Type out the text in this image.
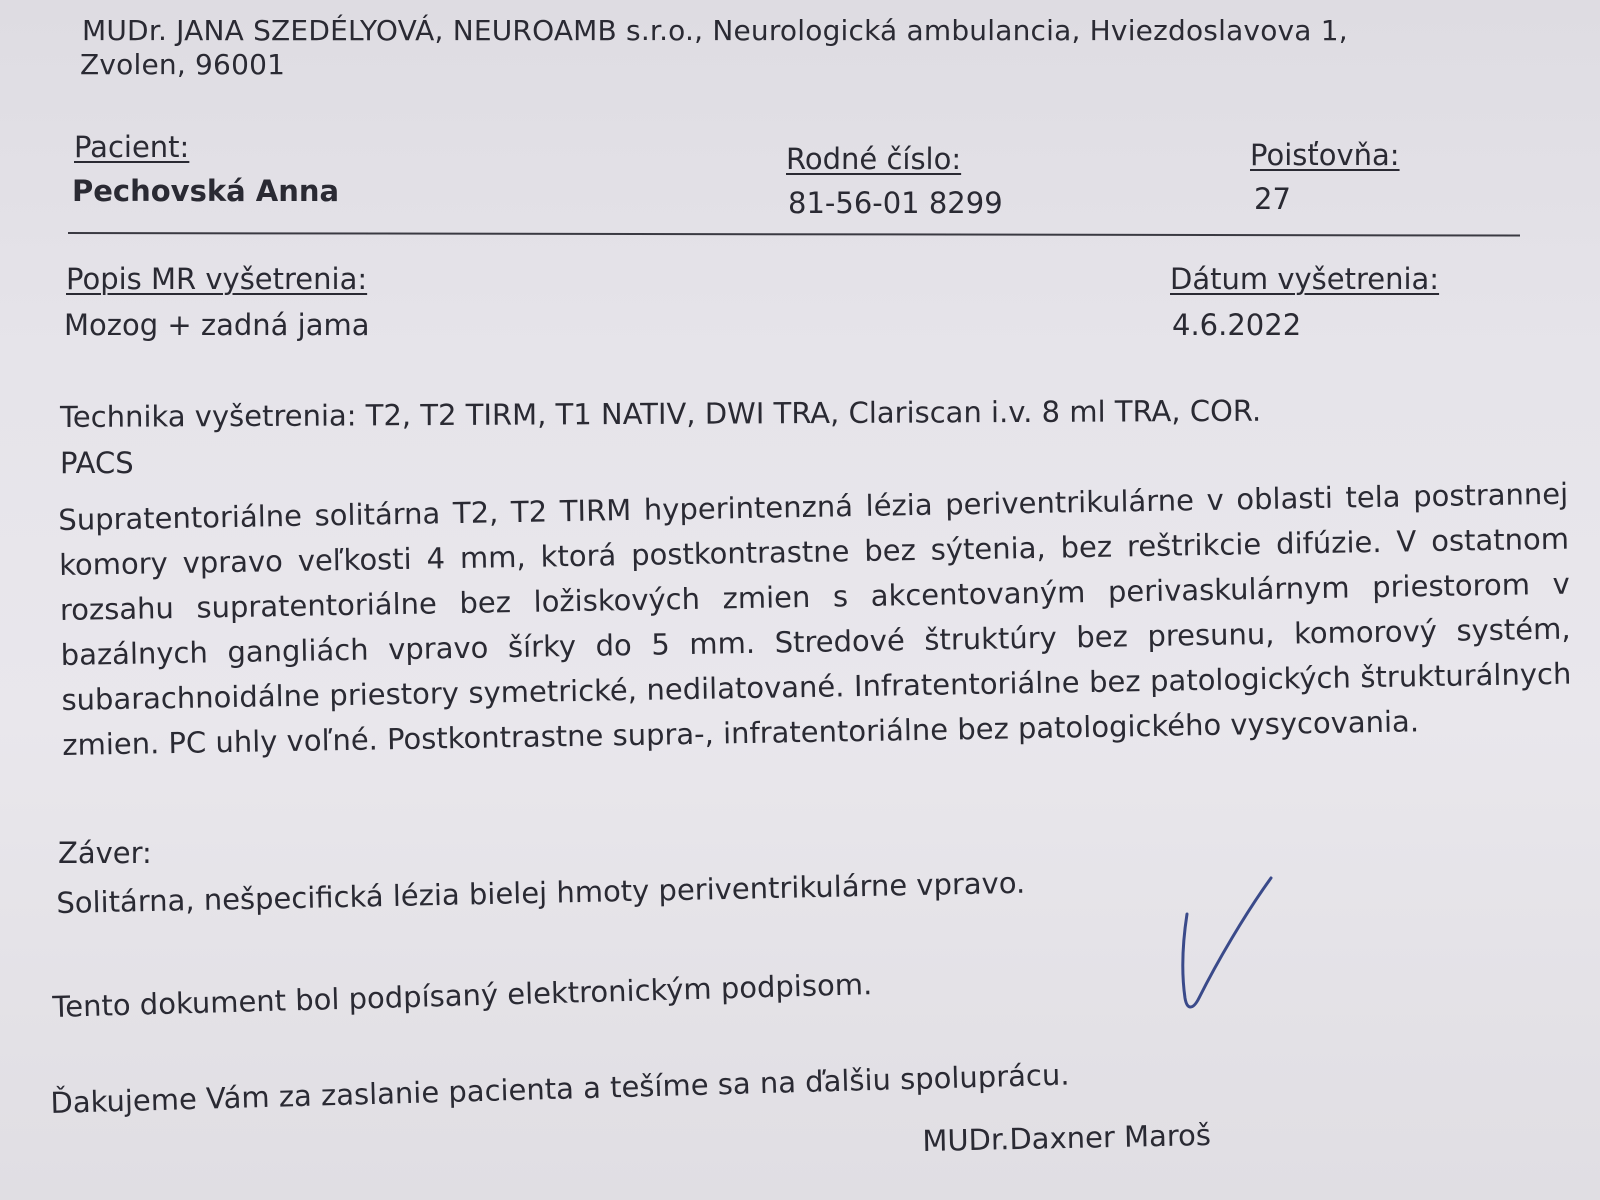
MUDr. JANA SZEDÉLYOVÁ, NEUROAMB s.r.o., Neurologická ambulancia, Hviezdoslavova 1,
Zvolen, 96001
Pacient:
Pechovská Anna
Rodné číslo:
81-56-01 8299
Poisťovňa:
27
Popis MR vyšetrenia:
Mozog + zadná jama
Dátum vyšetrenia:
4.6.2022
Technika vyšetrenia: T2, T2 TIRM, T1 NATIV, DWI TRA, Clariscan i.v. 8 ml TRA, COR.
PACS

Supratentoriálne solitárna T2, T2 TIRM hyperintenzná lézia periventrikulárne v oblasti tela postrannej komory vpravo veľkosti 4 mm, ktorá postkontrastne bez sýtenia, bez reštrikcie difúzie. V ostatnom rozsahu supratentoriálne bez ložiskových zmien s akcentovaným perivaskulárnym priestorom v bazálnych gangliách vpravo šírky do 5 mm. Stredové štruktúry bez presunu, komorový systém, subarachnoidálne priestory symetrické, nedilatované. Infratentoriálne bez patologických štrukturálnych zmien. PC uhly voľné. Postkontrastne supra-, infratentoriálne bez patologického vysycovania.

Záver:
Solitárna, nešpecifická lézia bielej hmoty periventrikulárne vpravo.
Tento dokument bol podpísaný elektronickým podpisom.
Ďakujeme Vám za zaslanie pacienta a tešíme sa na ďalšiu spoluprácu.
MUDr.Daxner Maroš
